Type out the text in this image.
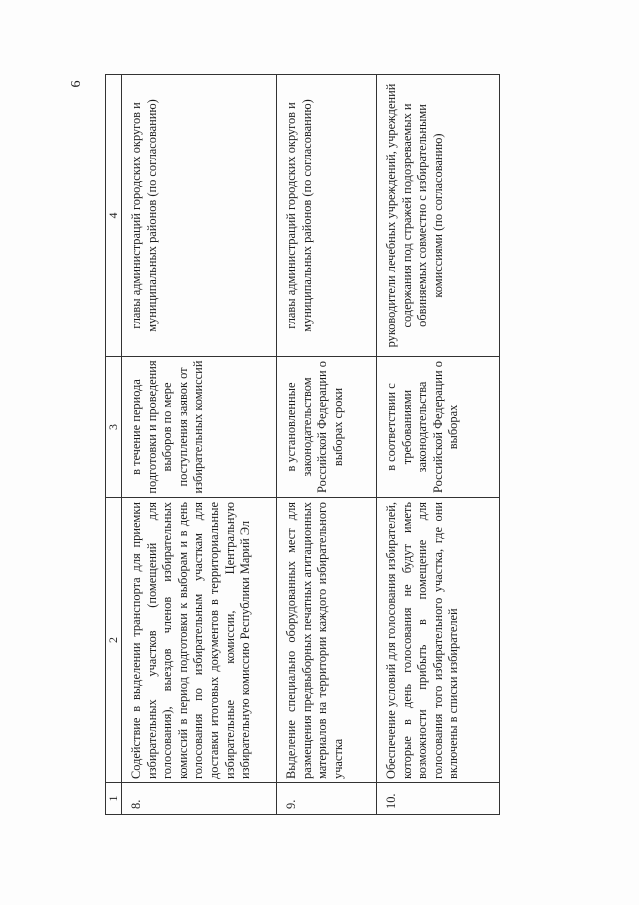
6
1	2	3	4
8.	Содействие в выделении транспорта для приемки избирательных участков (помещений для голосования), выездов членов избирательных комиссий в период подготовки к выборам и в день голосования по избирательным участкам для доставки итоговых документов в территориальные избирательные комиссии, Центральную избирательную комиссию Республики Марий Эл	в течение периода подготовки и проведения выборов по мере поступления заявок от избирательных комиссий	главы администраций городских округов и муниципальных районов (по согласованию)
9.	Выделение специально оборудованных мест для размещения предвыборных печатных агитационных материалов на территории каждого избирательного участка	в установленные законодательством Российской Федерации о выборах сроки	главы администраций городских округов и муниципальных районов (по согласованию)
10.	Обеспечение условий для голосования избирателей, которые в день голосования не будут иметь возможности прибыть в помещение для голосования того избирательного участка, где они включены в списки избирателей	в соответствии с требованиями законодательства Российской Федерации о выборах	руководители лечебных учреждений, учреждений содержания под стражей подозреваемых и обвиняемых совместно с избирательными комиссиями (по согласованию)
